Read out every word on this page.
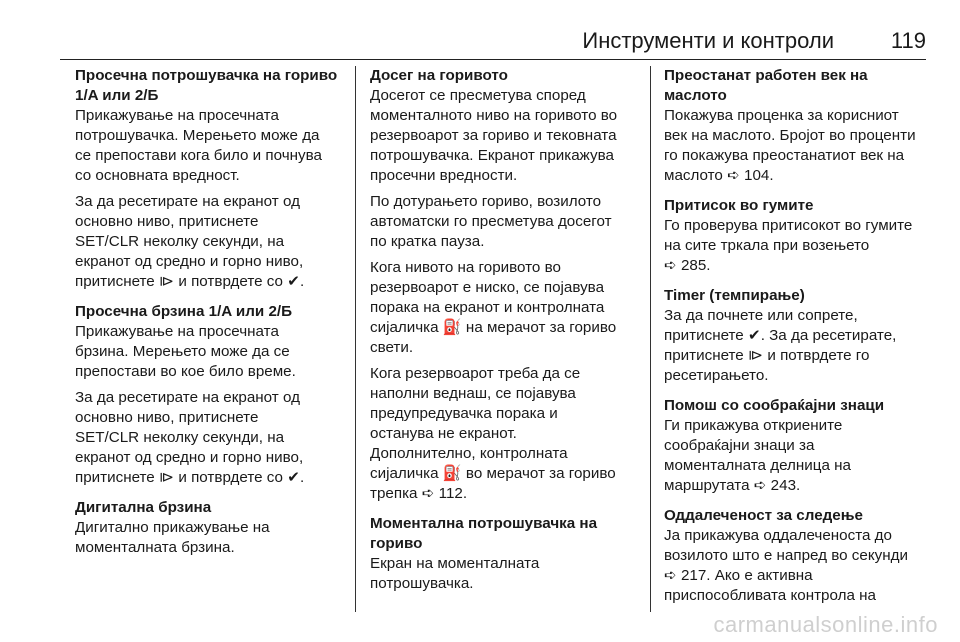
Инструменти и контроли	119
Просечна потрошувачка на гориво
1/A или 2/Б

Прикажување на просечната
потрошувачка. Мерењето може да
се препостави кога било и почнува
со основната вредност.

За да ресетирате на екранот од
основно ниво, притиснете
SET/CLR неколку секунди, на
екранот од средно и горно ниво,
притиснете ⧐ и потврдете со ✔.

Просечна брзина 1/A или 2/Б

Прикажување на просечната
брзина. Мерењето може да се
препостави во кое било време.

За да ресетирате на екранот од
основно ниво, притиснете
SET/CLR неколку секунди, на
екранот од средно и горно ниво,
притиснете ⧐ и потврдете со ✔.

Дигитална брзина

Дигитално прикажување на
моменталната брзина.

Досег на горивото

Досегот се пресметува според
моменталното ниво на горивото во
резервоарот за гориво и тековната
потрошувачка. Екранот прикажува
просечни вредности.

По дотурањето гориво, возилото
автоматски го пресметува досегот
по кратка пауза.

Кога нивото на горивото во
резервоарот е ниско, се појавува
порака на екранот и контролната
сијаличка ⛽ на мерачот за гориво
свети.

Кога резервоарот треба да се
наполни веднаш, се појавува
предупредувачка порака и
останува не екранот.
Дополнително, контролната
сијаличка ⛽ во мерачот за гориво
трепка ➪ 112.

Моментална потрошувачка на
гориво

Екран на моменталната
потрошувачка.

Преостанат работен век на
маслото

Покажува проценка за корисниот
век на маслото. Бројот во проценти
го покажува преостанатиот век на
маслото ➪ 104.

Притисок во гумите

Го проверува притисокот во гумите
на сите тркала при возењето
➪ 285.

Timer (темпирање)

За да почнете или сопрете,
притиснете ✔. За да ресетирате,
притиснете ⧐ и потврдете го
ресетирањето.

Помош со сообраќајни знаци

Ги прикажува откриените
сообраќајни знаци за
моменталната делница на
маршрутата ➪ 243.

Оддалеченост за следење

Ја прикажува оддалеченоста до
возилото што е напред во секунди
➪ 217. Ако е активна
приспособливата контрола на

carmanualsonline.info
